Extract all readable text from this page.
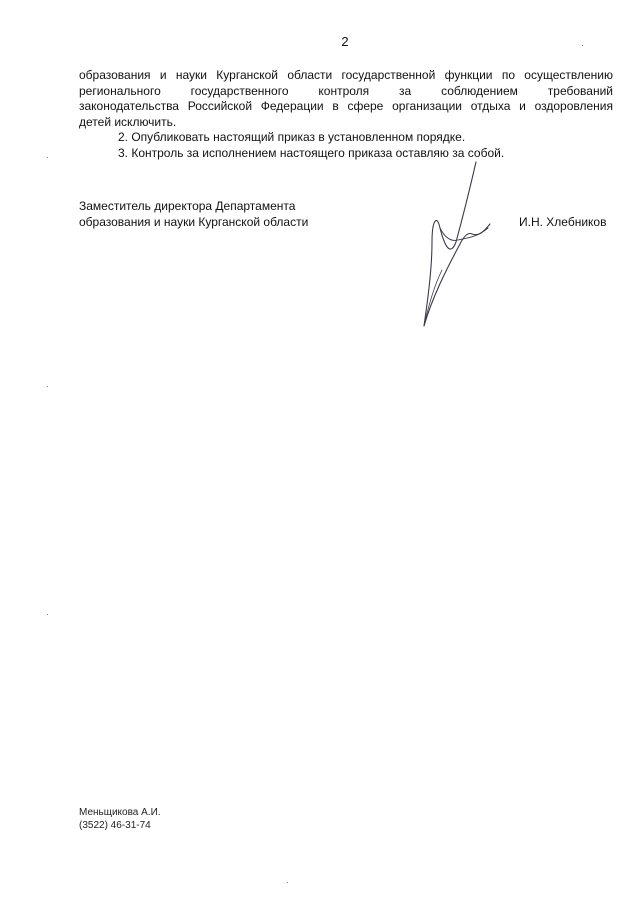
2
образования и науки Курганской области государственной функции по осуществлению
регионального государственного контроля за соблюдением требований
законодательства Российской Федерации в сфере организации отдыха и оздоровления
детей исключить.
2. Опубликовать настоящий приказ в установленном порядке.
3. Контроль за исполнением настоящего приказа оставляю за собой.
Заместитель директора Департамента
образования и науки Курганской области	И.Н. Хлебников
Меньщикова А.И.
(3522) 46-31-74
